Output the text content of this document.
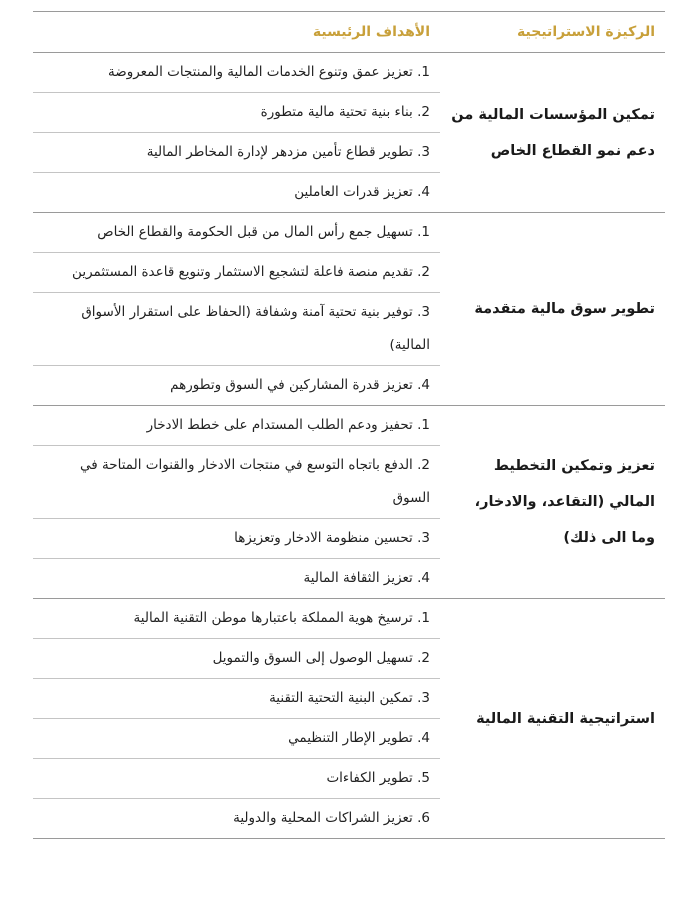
الركيزة الاستراتيجية	الأهداف الرئيسية
تمكين المؤسسات المالية من دعم نمو القطاع الخاص	1. تعزيز عمق وتنوع الخدمات المالية والمنتجات المعروضة
	2. بناء بنية تحتية مالية متطورة
	3. تطوير قطاع تأمين مزدهر لإدارة المخاطر المالية
	4. تعزيز قدرات العاملين
تطوير سوق مالية متقدمة	1. تسهيل جمع رأس المال من قبل الحكومة والقطاع الخاص
	2. تقديم منصة فاعلة لتشجيع الاستثمار وتنويع قاعدة المستثمرين
	3. توفير بنية تحتية آمنة وشفافة (الحفاظ على استقرار الأسواق المالية)
	4. تعزيز قدرة المشاركين في السوق وتطورهم
تعزيز وتمكين التخطيط المالي (التقاعد، والادخار، وما الى ذلك)	1. تحفيز ودعم الطلب المستدام على خطط الادخار
	2. الدفع باتجاه التوسع في منتجات الادخار والقنوات المتاحة في السوق
	3. تحسين منظومة الادخار وتعزيزها
	4. تعزيز الثقافة المالية
استراتيجية التقنية المالية	1. ترسيخ هوية المملكة باعتبارها موطن التقنية المالية
	2. تسهيل الوصول إلى السوق والتمويل
	3. تمكين البنية التحتية التقنية
	4. تطوير الإطار التنظيمي
	5. تطوير الكفاءات
	6. تعزيز الشراكات المحلية والدولية
